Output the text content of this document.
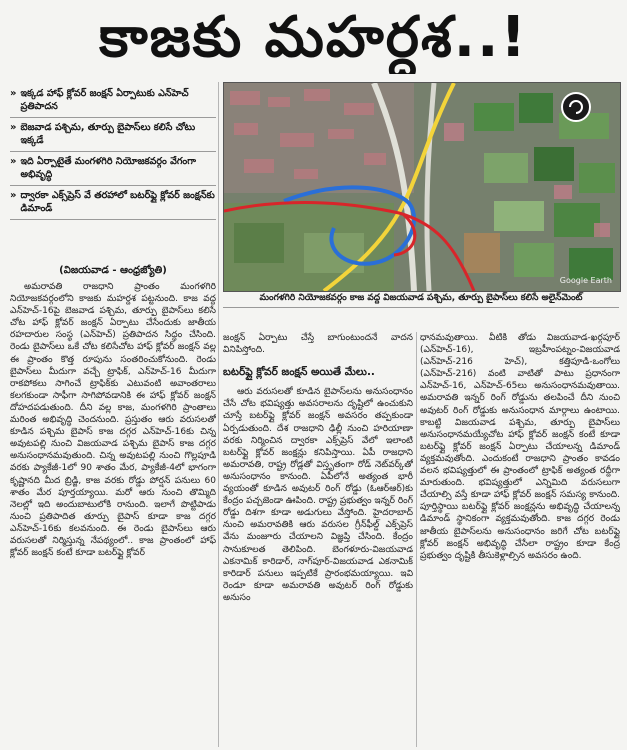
కాజకు మహర్దశ..!
» ఇక్కడ హాఫ్ క్లోవర్ జంక్షన్ ఏర్పాటుకు ఎన్‌హెచ్ ప్రతిపాదన
» బెజవాడ పశ్చిమ, తూర్పు బైపాస్‌లు కలిసే చోటు ఇక్కడే
» ఇది ఏర్పాటైతే మంగళగిరి నియోజకవర్గం వేగంగా అభివృద్ధి
» ద్వారకా ఎక్స్‌ప్రెస్ వే తరహాలో బటర్‌ఫ్లై క్లోవర్ జంక్షన్‌కు డిమాండ్
(విజయవాడ - ఆంధ్రజ్యోతి)
Google Earth
మంగళగిరి నియోజకవర్గం కాజ వద్ద విజయవాడ పశ్చిమ, తూర్పు బైపాస్‌లు కలిసే అలైన్‌మెంట్

అమరావతి రాజధాని ప్రాంతం మంగళగిరి నియోజకవర్గంలోని కాజకు మహర్దశ పట్టనుంది. కాజ వద్ద ఎన్‌హెచ్-16పై బెజవాడ పశ్చిమ, తూర్పు బైపాస్‌లు కలిసే చోట హాఫ్ క్లోవర్ జంక్షన్ ఏర్పాటు చేసేందుకు జాతీయ రహదారుల సంస్థ (ఎన్‌హెచ్) ప్రతిపాదన సిద్ధం చేసింది. రెండు బైపాస్‌లు ఒకే చోట కలిసేచోట హాఫ్ క్లోవర్ జంక్షన్ వల్ల ఈ ప్రాంతం కొత్త రూపును సంతరించుకోనుంది. రెండు బైపాస్‌లు మీదుగా వచ్చే ట్రాఫిక్, ఎన్‌హెచ్-16 మీదుగా రాకపోకలు సాగించే ట్రాఫిక్‌కు ఎటువంటి అవాంతరాలు కలగకుండా సాఫీగా సాగిపోవడానికి ఈ హాఫ్ క్లోవర్ జంక్షన్ దోహదపడుతుంది. దీని వల్ల కాజ, మంగళగిరి ప్రాంతాలు మరింత అభివృద్ధి చెందనుంది. ప్రస్తుతం ఆరు వరుసలతో కూడిన పశ్చిమ బైపాస్ కాజ దగ్గర ఎన్‌హెచ్-16కు చిన్న అవుటపల్లి నుంచి విజయవాడ పశ్చిమ బైపాస్ కాజ దగ్గర అనుసంధానమవుతుంది. చిన్న అవుటపల్లి నుంచి గొల్లపూడి వరకు ప్యాకేజీ-1లో 90 శాతం మేర, ప్యాకేజీ-4లో భాగంగా కృష్ణానది మీద బ్రిడ్జి, కాజ వరకు రోడ్డు పోర్షన్ పనులు 60 శాతం మేర పూర్తయ్యాయి. మరో ఆరు నుంచి తొమ్మిది నెలల్లో ఇది అందుబాటులోకి రానుంది. ఇలాగే పొట్టిపాడు నుంచి ప్రతిపాదిత తూర్పు బైపాస్ కూడా కాజ దగ్గర ఎన్‌హెచ్-16కు కలవనుంది. ఈ రెండు బైపాస్‌లు ఆరు వరుసలతో నిర్మిస్తున్న నేపథ్యంలో.. కాజ ప్రాంతంలో హాఫ్ క్లోవర్ జంక్షన్ కంటే కూడా బటర్‌ఫ్లై క్లోవర్

జంక్షన్ ఏర్పాటు చేస్తే బాగుంటుందనే వాదన వినిపిస్తోంది.

బటర్‌ఫ్లై క్లోవర్ జంక్షన్ అయితే మేలు..

ఆరు వరుసలతో కూడిన బైపాస్‌లను అనుసంధానం చేసే చోట భవిష్యత్తు అవసరాలను దృష్టిలో ఉంచుకుని చూస్తే బటర్‌ఫ్లై క్లోవర్ జంక్షన్ అవసరం తప్పకుండా ఏర్పడుతుంది. దేశ రాజధాని ఢిల్లీ నుంచి హరియాణా వరకు నిర్మించిన ద్వారకా ఎక్స్‌ప్రెస్ వేలో ఇలాంటి బటర్‌ఫ్లై క్లోవర్ జంక్షన్లు కనిపిస్తాయి. ఏపీ రాజధాని అమరావతి, రాష్ట్ర రోడ్లతో విస్తృతంగా రోడ్ నెట్‌వర్క్‌తో అనుసంధానం కానుంది. ఏపీలోనే అత్యంత భారీ వ్యయంతో కూడిన అవుటర్ రింగ్ రోడ్డు (ఓఆర్ఆర్)కు కేంద్రం పచ్చజెండా ఊపింది. రాష్ట్ర ప్రభుత్వం ఇన్నర్ రింగ్ రోడ్డు దిశగా కూడా అడుగులు వేస్తోంది. హైదరాబాద్ నుంచి అమరావతికి ఆరు వరుసల గ్రీన్‌ఫీల్డ్ ఎక్స్‌ప్రెస్ వేను మంజూరు చేయాలని విజ్ఞప్తి చేసింది. కేంద్రం సానుకూలత తెలిపింది. బెంగళూరు-విజయవాడ ఎకనామిక్ కారిడార్, నాగ్‌పూర్-విజయవాడ ఎకనామిక్ కారిడార్ పనులు ఇప్పటికే ప్రారంభమయ్యాయి. ఇవి రెండూ కూడా అమరావతి అవుటర్ రింగ్ రోడ్డుకు అనుసం

ధానమవుతాయి. వీటికి తోడు విజయవాడ-ఖర్గపూర్ (ఎన్‌హెచ్-16), ఇబ్రహీంపట్నం-విజయవాడ (ఎన్‌హెచ్-216 హెచ్), కత్తిపూడి-ఒంగోలు (ఎన్‌హెచ్-216) వంటి వాటితో పాటు ప్రధానంగా ఎన్‌హెచ్-16, ఎన్‌హెచ్-65లు అనుసంధానమవుతాయి. అమరావతి ఇన్నర్ రింగ్ రోడ్డును తలపించే దీని నుంచి అవుటర్ రింగ్ రోడ్డుకు అనుసంధాన మార్గాలు ఉంటాయి. కాబట్టి విజయవాడ పశ్చిమ, తూర్పు బైపాస్‌లు అనుసంధానమయ్యేచోట హాఫ్ క్లోవర్ జంక్షన్ కంటే కూడా బటర్‌ఫ్లై క్లోవర్ జంక్షన్ ఏర్పాటు చేయాలన్న డిమాండ్ వ్యక్తమవుతోంది. ఎందుకంటే రాజధాని ప్రాంతం కావడం వలన భవిష్యత్తులో ఈ ప్రాంతంలో ట్రాఫిక్ అత్యంత రద్దీగా మారుతుంది. భవిష్యత్తులో ఎన్నిమిది వరుసలుగా చేయాల్సి వస్తే కూడా హాఫ్ క్లోవర్ జంక్షన్ సమస్య కానుంది. పూర్తిస్థాయి బటర్‌ఫ్లై క్లోవర్ జంక్షన్లను అభివృద్ధి చేయాలన్న డిమాండ్ స్థానికంగా వ్యక్తమవుతోంది. కాజ దగ్గర రెండు జాతీయ బైపాస్‌లను అనుసంధానం జరిగే చోట బటర్‌ఫ్లై క్లోవర్ జంక్షన్ అభివృద్ధి చేసేలా రాష్ట్రం కూడా కేంద్ర ప్రభుత్వం దృష్టికి తీసుకెళ్లాల్సిన అవసరం ఉంది.
